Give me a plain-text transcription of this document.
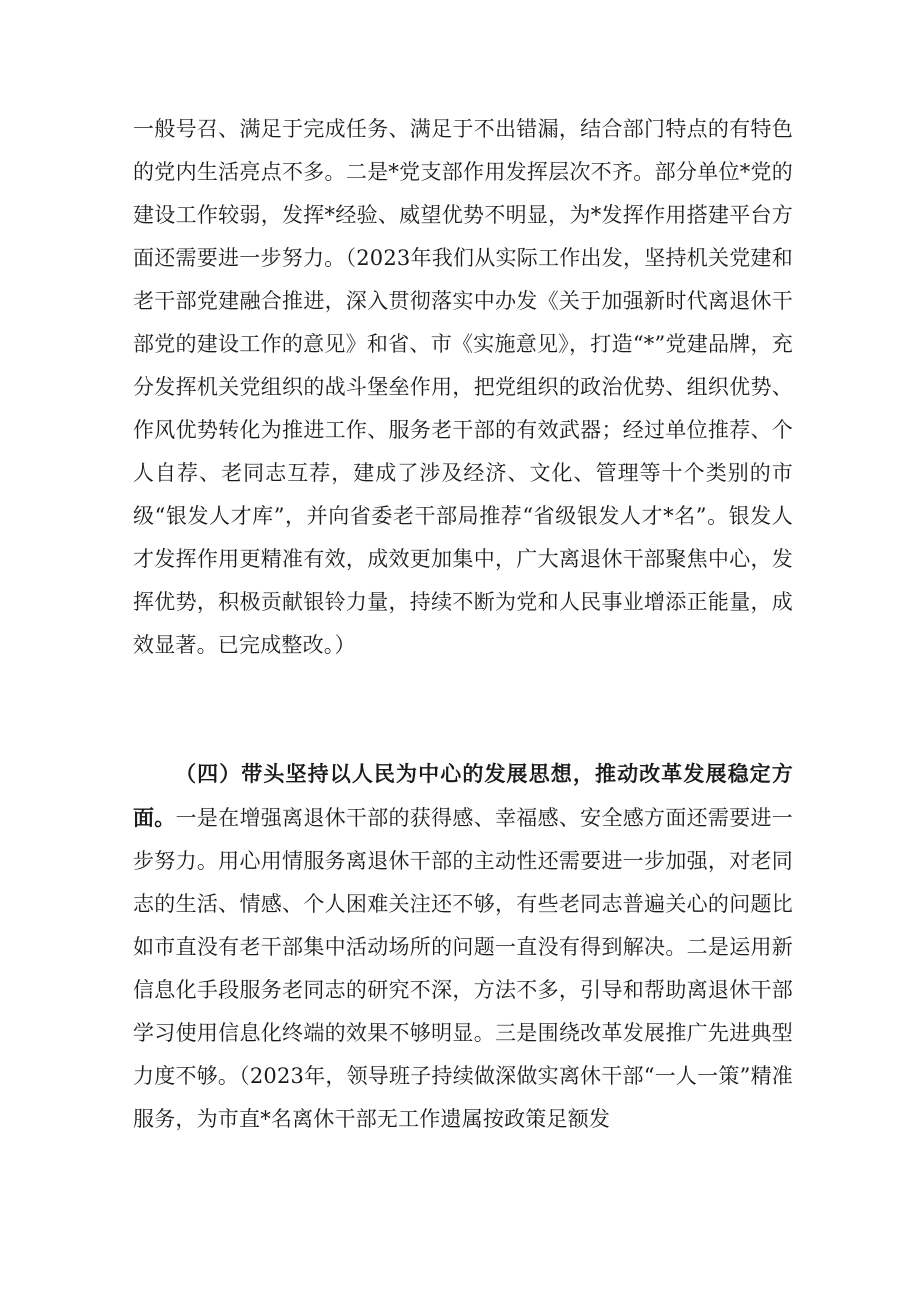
一般号召、满足于完成任务、满足于不出错漏，结合部门特点的有特色的党内生活亮点不多。二是*党支部作用发挥层次不齐。部分单位*党的建设工作较弱，发挥*经验、威望优势不明显，为*发挥作用搭建平台方面还需要进一步努力。（2023年我们从实际工作出发，坚持机关党建和老干部党建融合推进，深入贯彻落实中办发《关于加强新时代离退休干部党的建设工作的意见》和省、市《实施意见》，打造“*”党建品牌，充分发挥机关党组织的战斗堡垒作用，把党组织的政治优势、组织优势、作风优势转化为推进工作、服务老干部的有效武器；经过单位推荐、个人自荐、老同志互荐，建成了涉及经济、文化、管理等十个类别的市级“银发人才库”，并向省委老干部局推荐“省级银发人才*名”。银发人才发挥作用更精准有效，成效更加集中，广大离退休干部聚焦中心，发挥优势，积极贡献银铃力量，持续不断为党和人民事业增添正能量，成效显著。已完成整改。）

（四）带头坚持以人民为中心的发展思想，推动改革发展稳定方面。一是在增强离退休干部的获得感、幸福感、安全感方面还需要进一步努力。用心用情服务离退休干部的主动性还需要进一步加强，对老同志的生活、情感、个人困难关注还不够，有些老同志普遍关心的问题比如市直没有老干部集中活动场所的问题一直没有得到解决。二是运用新信息化手段服务老同志的研究不深，方法不多，引导和帮助离退休干部学习使用信息化终端的效果不够明显。三是围绕改革发展推广先进典型力度不够。（2023年，领导班子持续做深做实离休干部“一人一策”精准服务，为市直*名离休干部无工作遗属按政策足额发
